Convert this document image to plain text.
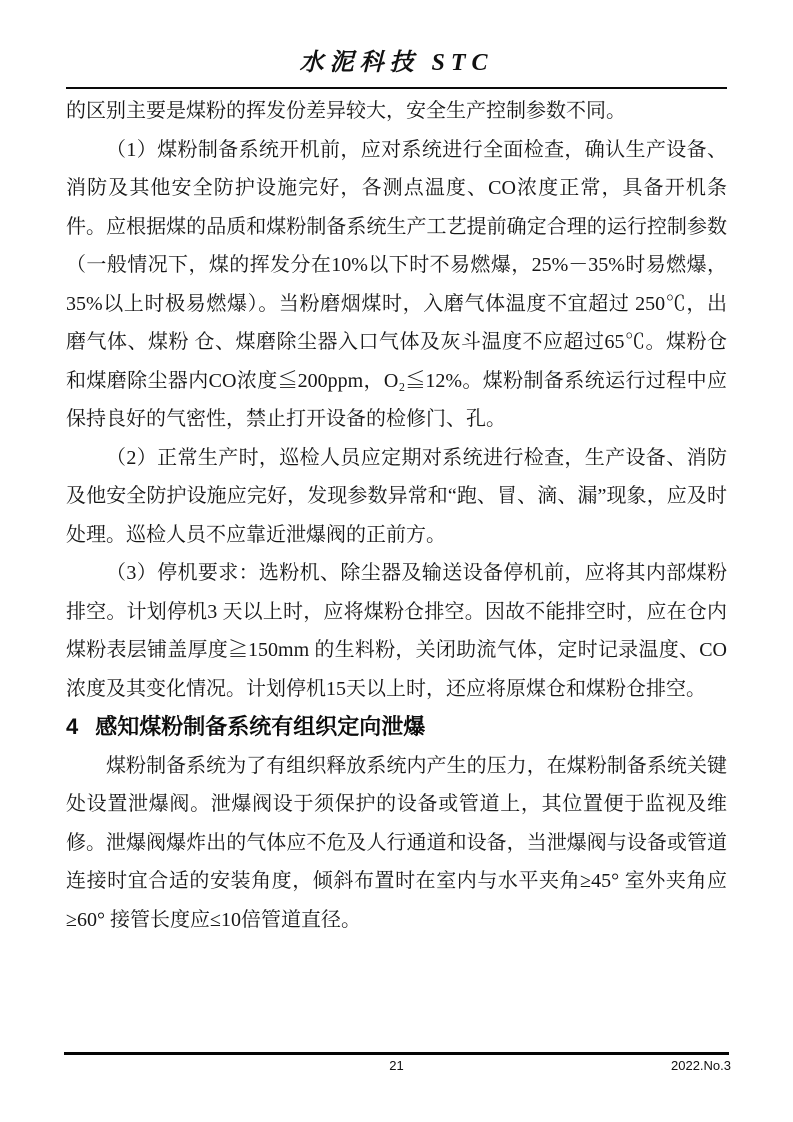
水泥科技 STC

的区别主要是煤粉的挥发份差异较大，安全生产控制参数不同。

（1）煤粉制备系统开机前，应对系统进行全面检查，确认生产设备、 消防及其他安全防护设施完好，各测点温度、CO浓度正常，具备开机条件。应根据煤的品质和煤粉制备系统生产工艺提前确定合理的运行控制参数（一般情况下，煤的挥发分在10%以下时不易燃爆，25%－35%时易燃爆，35%以上时极易燃爆）。当粉磨烟煤时，入磨气体温度不宜超过 250℃，出磨气体、煤粉 仓、煤磨除尘器入口气体及灰斗温度不应超过65℃。煤粉仓和煤磨除尘器内CO浓度≦200ppm，O₂≦12%。煤粉制备系统运行过程中应保持良好的气密性，禁止打开设备的检修门、孔。

（2）正常生产时，巡检人员应定期对系统进行检查，生产设备、消防及他安全防护设施应完好，发现参数异常和“跑、冒、滴、漏”现象，应及时处理。巡检人员不应靠近泄爆阀的正前方。

（3）停机要求：选粉机、除尘器及输送设备停机前，应将其内部煤粉排空。计划停机3 天以上时，应将煤粉仓排空。因故不能排空时，应在仓内煤粉表层铺盖厚度≧150mm 的生料粉，关闭助流气体，定时记录温度、CO浓度及其变化情况。计划停机15天以上时，还应将原煤仓和煤粉仓排空。

4 感知煤粉制备系统有组织定向泄爆

煤粉制备系统为了有组织释放系统内产生的压力，在煤粉制备系统关键处设置泄爆阀。泄爆阀设于须保护的设备或管道上，其位置便于监视及维修。泄爆阀爆炸出的气体应不危及人行通道和设备，当泄爆阀与设备或管道连接时宜合适的安装角度，倾斜布置时在室内与水平夹角≥45° 室外夹角应≥60° 接管长度应≤10倍管道直径。

21	2022.No.3
